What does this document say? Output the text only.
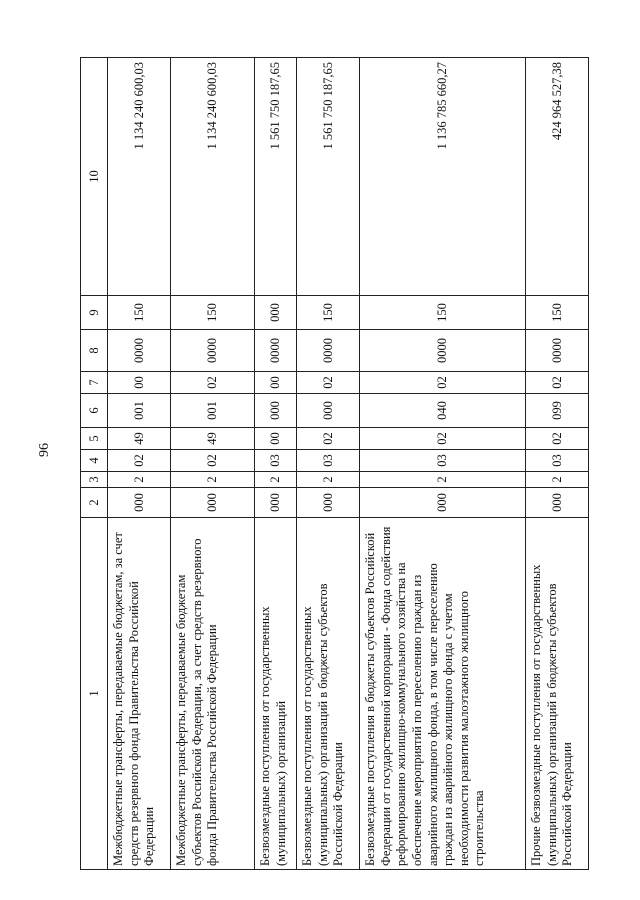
96
1	2	3	4	5	6	7	8	9	10
Межбюджетные трансферты, передаваемые бюджетам, за счет средств резервного фонда Правительства Российской Федерации	000	2	02	49	001	00	0000	150	1 134 240 600,03
Межбюджетные трансферты, передаваемые бюджетам субъектов Российской Федерации, за счет средств резервного фонда Правительства Российской Федерации	000	2	02	49	001	02	0000	150	1 134 240 600,03
Безвозмездные поступления от государственных (муниципальных) организаций	000	2	03	00	000	00	0000	000	1 561 750 187,65
Безвозмездные поступления от государственных (муниципальных) организаций в бюджеты субъектов Российской Федерации	000	2	03	02	000	02	0000	150	1 561 750 187,65
Безвозмездные поступления в бюджеты субъектов Российской Федерации от государственной корпорации - Фонда содействия реформированию жилищно-коммунального хозяйства на обеспечение мероприятий по переселению граждан из аварийного жилищного фонда, в том числе переселению граждан из аварийного жилищного фонда с учетом необходимости развития малоэтажного жилищного строительства	000	2	03	02	040	02	0000	150	1 136 785 660,27
Прочие безвозмездные поступления от государственных (муниципальных) организаций в бюджеты субъектов Российской Федерации	000	2	03	02	099	02	0000	150	424 964 527,38
